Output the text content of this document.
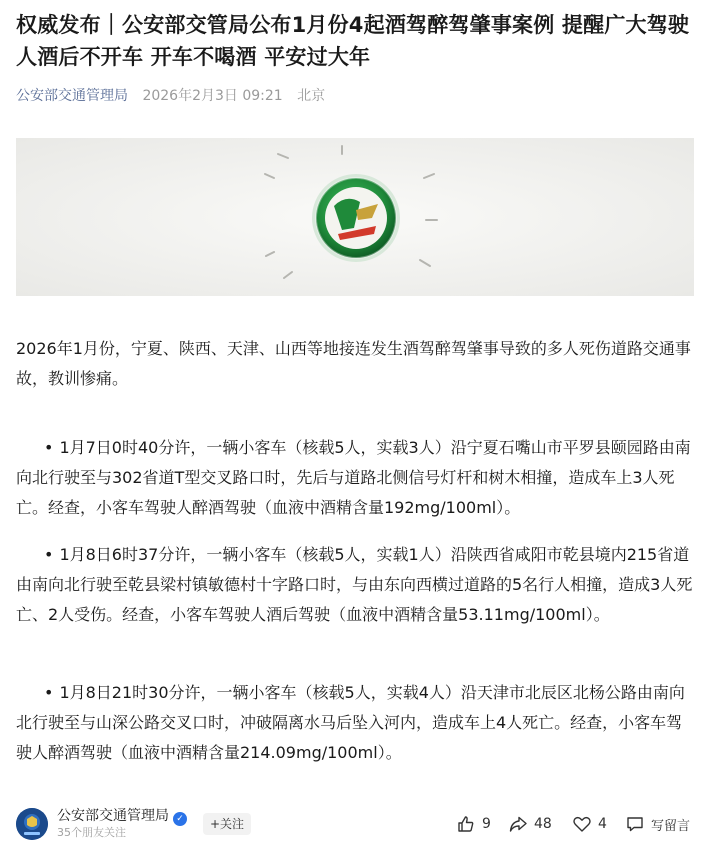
权威发布｜公安部交管局公布1月份4起酒驾醉驾肇事案例 提醒广大驾驶人酒后不开车 开车不喝酒 平安过大年
公安部交通管理局 2026年2月3日 09:21 北京

2026年1月份，宁夏、陕西、天津、山西等地接连发生酒驾醉驾肇事导致的多人死伤道路交通事故，教训惨痛。

• 1月7日0时40分许，一辆小客车（核载5人，实载3人）沿宁夏石嘴山市平罗县颐园路由南向北行驶至与302省道T型交叉路口时，先后与道路北侧信号灯杆和树木相撞，造成车上3人死亡。经查，小客车驾驶人醉酒驾驶（血液中酒精含量192mg/100ml）。

• 1月8日6时37分许，一辆小客车（核载5人，实载1人）沿陕西省咸阳市乾县境内215省道由南向北行驶至乾县梁村镇敏德村十字路口时，与由东向西横过道路的5名行人相撞，造成3人死亡、2人受伤。经查，小客车驾驶人酒后驾驶（血液中酒精含量53.11mg/100ml）。

• 1月8日21时30分许，一辆小客车（核载5人，实载4人）沿天津市北辰区北杨公路由南向北行驶至与山深公路交叉口时，冲破隔离水马后坠入河内，造成车上4人死亡。经查，小客车驾驶人醉酒驾驶（血液中酒精含量214.09mg/100ml）。

公安部交通管理局 ✓
35个朋友关注
+关注	9	48	4	写留言
